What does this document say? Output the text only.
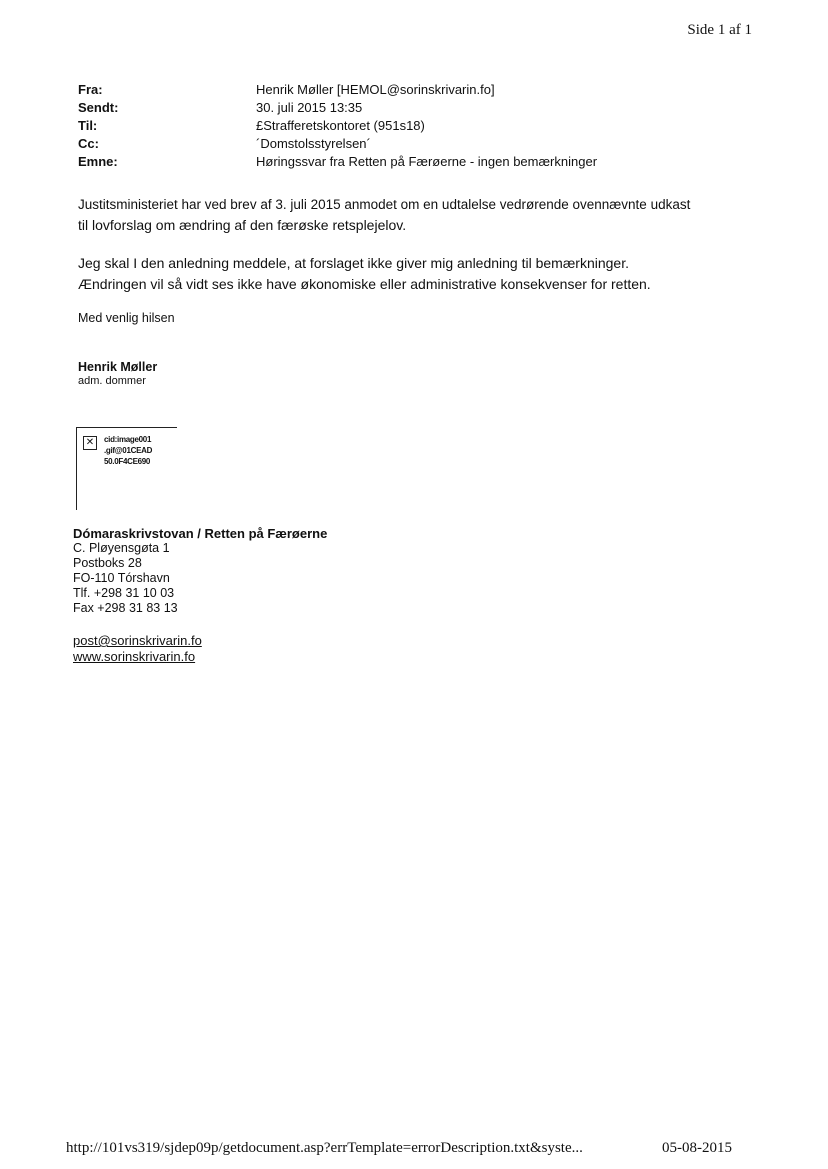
Side 1 af 1
Fra:	Henrik Møller [HEMOL@sorinskrivarin.fo]
Sendt:	30. juli 2015 13:35
Til:	£Strafferetskontoret (951s18)
Cc:	´Domstolsstyrelsen´
Emne:	Høringssvar fra Retten på Færøerne - ingen bemærkninger
Justitsministeriet har ved brev af 3. juli 2015 anmodet om en udtalelse vedrørende ovennævnte udkast
til lovforslag om ændring af den færøske retsplejelov.
Jeg skal I den anledning meddele, at forslaget ikke giver mig anledning til bemærkninger.
Ændringen vil så vidt ses ikke have økonomiske eller administrative konsekvenser for retten.
Med venlig hilsen
Henrik Møller
adm. dommer
✕	cid:image001
.gif@01CEAD
50.0F4CE690
Dómaraskrivstovan / Retten på Færøerne
C. Pløyensgøta 1
Postboks 28
FO-110 Tórshavn
Tlf. +298 31 10 03
Fax +298 31 83 13
post@sorinskrivarin.fo
www.sorinskrivarin.fo
http://101vs319/sjdep09p/getdocument.asp?errTemplate=errorDescription.txt&syste...	05-08-2015
